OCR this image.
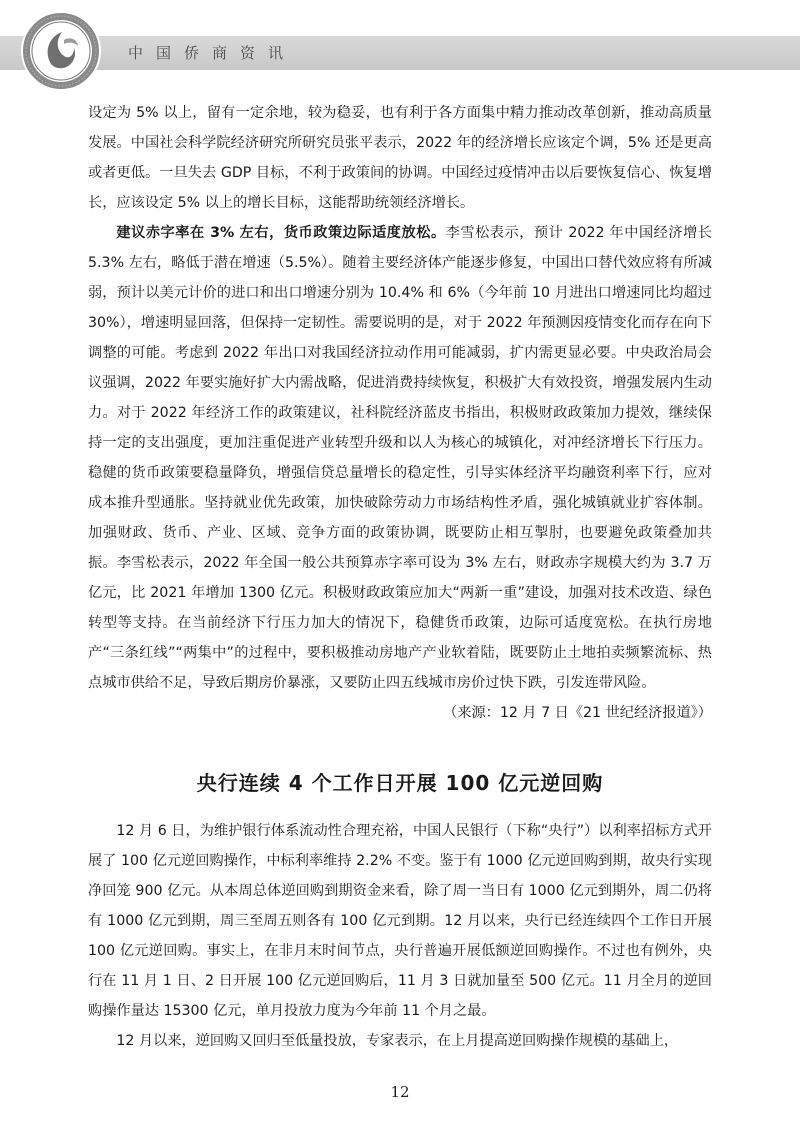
中国侨商资讯

设定为 5% 以上，留有一定余地，较为稳妥，也有利于各方面集中精力推动改革创新，推动高质量发展。中国社会科学院经济研究所研究员张平表示，2022 年的经济增长应该定个调，5% 还是更高或者更低。一旦失去 GDP 目标，不利于政策间的协调。中国经过疫情冲击以后要恢复信心、恢复增长，应该设定 5% 以上的增长目标，这能帮助统领经济增长。

建议赤字率在 3% 左右，货币政策边际适度放松。李雪松表示，预计 2022 年中国经济增长 5.3% 左右，略低于潜在增速（5.5%）。随着主要经济体产能逐步修复，中国出口替代效应将有所减弱，预计以美元计价的进口和出口增速分别为 10.4% 和 6%（今年前 10 月进出口增速同比均超过 30%），增速明显回落，但保持一定韧性。需要说明的是，对于 2022 年预测因疫情变化而存在向下调整的可能。考虑到 2022 年出口对我国经济拉动作用可能减弱，扩内需更显必要。中央政治局会议强调，2022 年要实施好扩大内需战略，促进消费持续恢复，积极扩大有效投资，增强发展内生动力。对于 2022 年经济工作的政策建议，社科院经济蓝皮书指出，积极财政政策加力提效，继续保持一定的支出强度，更加注重促进产业转型升级和以人为核心的城镇化，对冲经济增长下行压力。稳健的货币政策要稳量降负，增强信贷总量增长的稳定性，引导实体经济平均融资利率下行，应对成本推升型通胀。坚持就业优先政策，加快破除劳动力市场结构性矛盾，强化城镇就业扩容体制。加强财政、货币、产业、区域、竞争方面的政策协调，既要防止相互掣肘，也要避免政策叠加共振。李雪松表示，2022 年全国一般公共预算赤字率可设为 3% 左右，财政赤字规模大约为 3.7 万亿元，比 2021 年增加 1300 亿元。积极财政政策应加大“两新一重”建设，加强对技术改造、绿色转型等支持。在当前经济下行压力加大的情况下，稳健货币政策，边际可适度宽松。在执行房地产“三条红线”“两集中”的过程中，要积极推动房地产产业软着陆，既要防止土地拍卖频繁流标、热点城市供给不足，导致后期房价暴涨，又要防止四五线城市房价过快下跌，引发连带风险。
（来源：12 月 7 日《21 世纪经济报道》）

央行连续 4 个工作日开展 100 亿元逆回购

12 月 6 日，为维护银行体系流动性合理充裕，中国人民银行（下称“央行”）以利率招标方式开展了 100 亿元逆回购操作，中标利率维持 2.2% 不变。鉴于有 1000 亿元逆回购到期，故央行实现净回笼 900 亿元。从本周总体逆回购到期资金来看，除了周一当日有 1000 亿元到期外，周二仍将有 1000 亿元到期，周三至周五则各有 100 亿元到期。12 月以来，央行已经连续四个工作日开展 100 亿元逆回购。事实上，在非月末时间节点，央行普遍开展低额逆回购操作。不过也有例外，央行在 11 月 1 日、2 日开展 100 亿元逆回购后，11 月 3 日就加量至 500 亿元。11 月全月的逆回购操作量达 15300 亿元，单月投放力度为今年前 11 个月之最。

12 月以来，逆回购又回归至低量投放，专家表示，在上月提高逆回购操作规模的基础上，

12
